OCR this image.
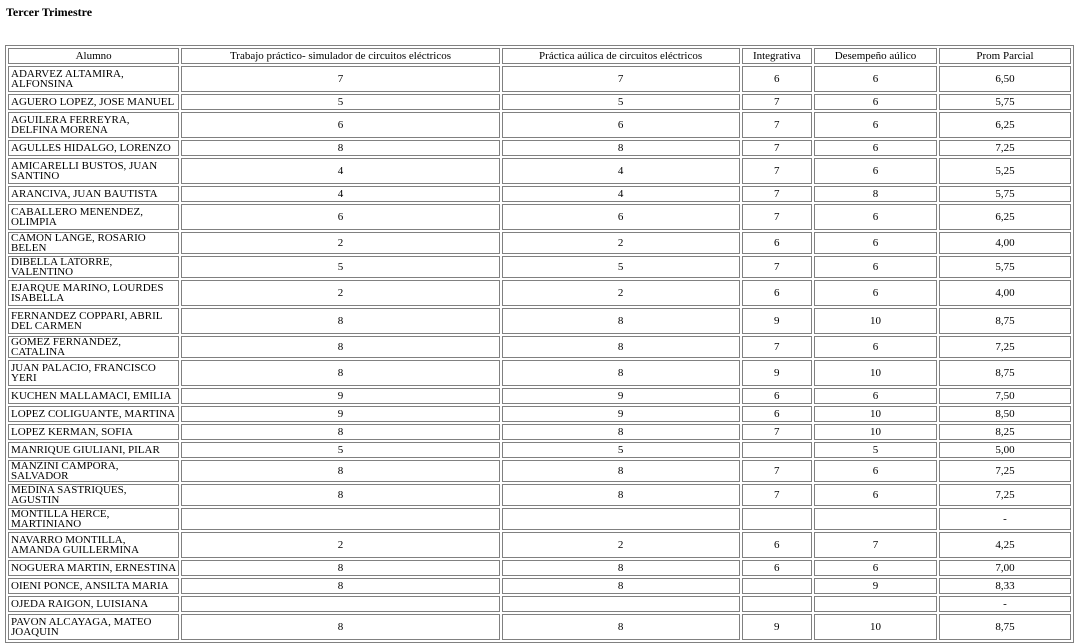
Tercer Trimestre
Alumno	Trabajo práctico- simulador de circuitos eléctricos	Práctica aúlica de circuitos eléctricos	Integrativa	Desempeño aúlico	Prom Parcial
ADARVEZ ALTAMIRA, ALFONSINA	7	7	6	6	6,50
AGUERO LOPEZ, JOSE MANUEL	5	5	7	6	5,75
AGUILERA FERREYRA, DELFINA MORENA	6	6	7	6	6,25
AGULLES HIDALGO, LORENZO	8	8	7	6	7,25
AMICARELLI BUSTOS, JUAN SANTINO	4	4	7	6	5,25
ARANCIVA, JUAN BAUTISTA	4	4	7	8	5,75
CABALLERO MENENDEZ, OLIMPIA	6	6	7	6	6,25
CAMON LANGE, ROSARIO BELEN	2	2	6	6	4,00
DIBELLA LATORRE, VALENTINO	5	5	7	6	5,75
EJARQUE MARINO, LOURDES ISABELLA	2	2	6	6	4,00
FERNANDEZ COPPARI, ABRIL DEL CARMEN	8	8	9	10	8,75
GOMEZ FERNANDEZ, CATALINA	8	8	7	6	7,25
JUAN PALACIO, FRANCISCO YERI	8	8	9	10	8,75
KUCHEN MALLAMACI, EMILIA	9	9	6	6	7,50
LOPEZ COLIGUANTE, MARTINA	9	9	6	10	8,50
LOPEZ KERMAN, SOFIA	8	8	7	10	8,25
MANRIQUE GIULIANI, PILAR	5	5		5	5,00
MANZINI CAMPORA, SALVADOR	8	8	7	6	7,25
MEDINA SASTRIQUES, AGUSTIN	8	8	7	6	7,25
MONTILLA HERCE, MARTINIANO					-
NAVARRO MONTILLA, AMANDA GUILLERMINA	2	2	6	7	4,25
NOGUERA MARTIN, ERNESTINA	8	8	6	6	7,00
OIENI PONCE, ANSILTA MARIA	8	8		9	8,33
OJEDA RAIGON, LUISIANA					-
PAVON ALCAYAGA, MATEO JOAQUIN	8	8	9	10	8,75
